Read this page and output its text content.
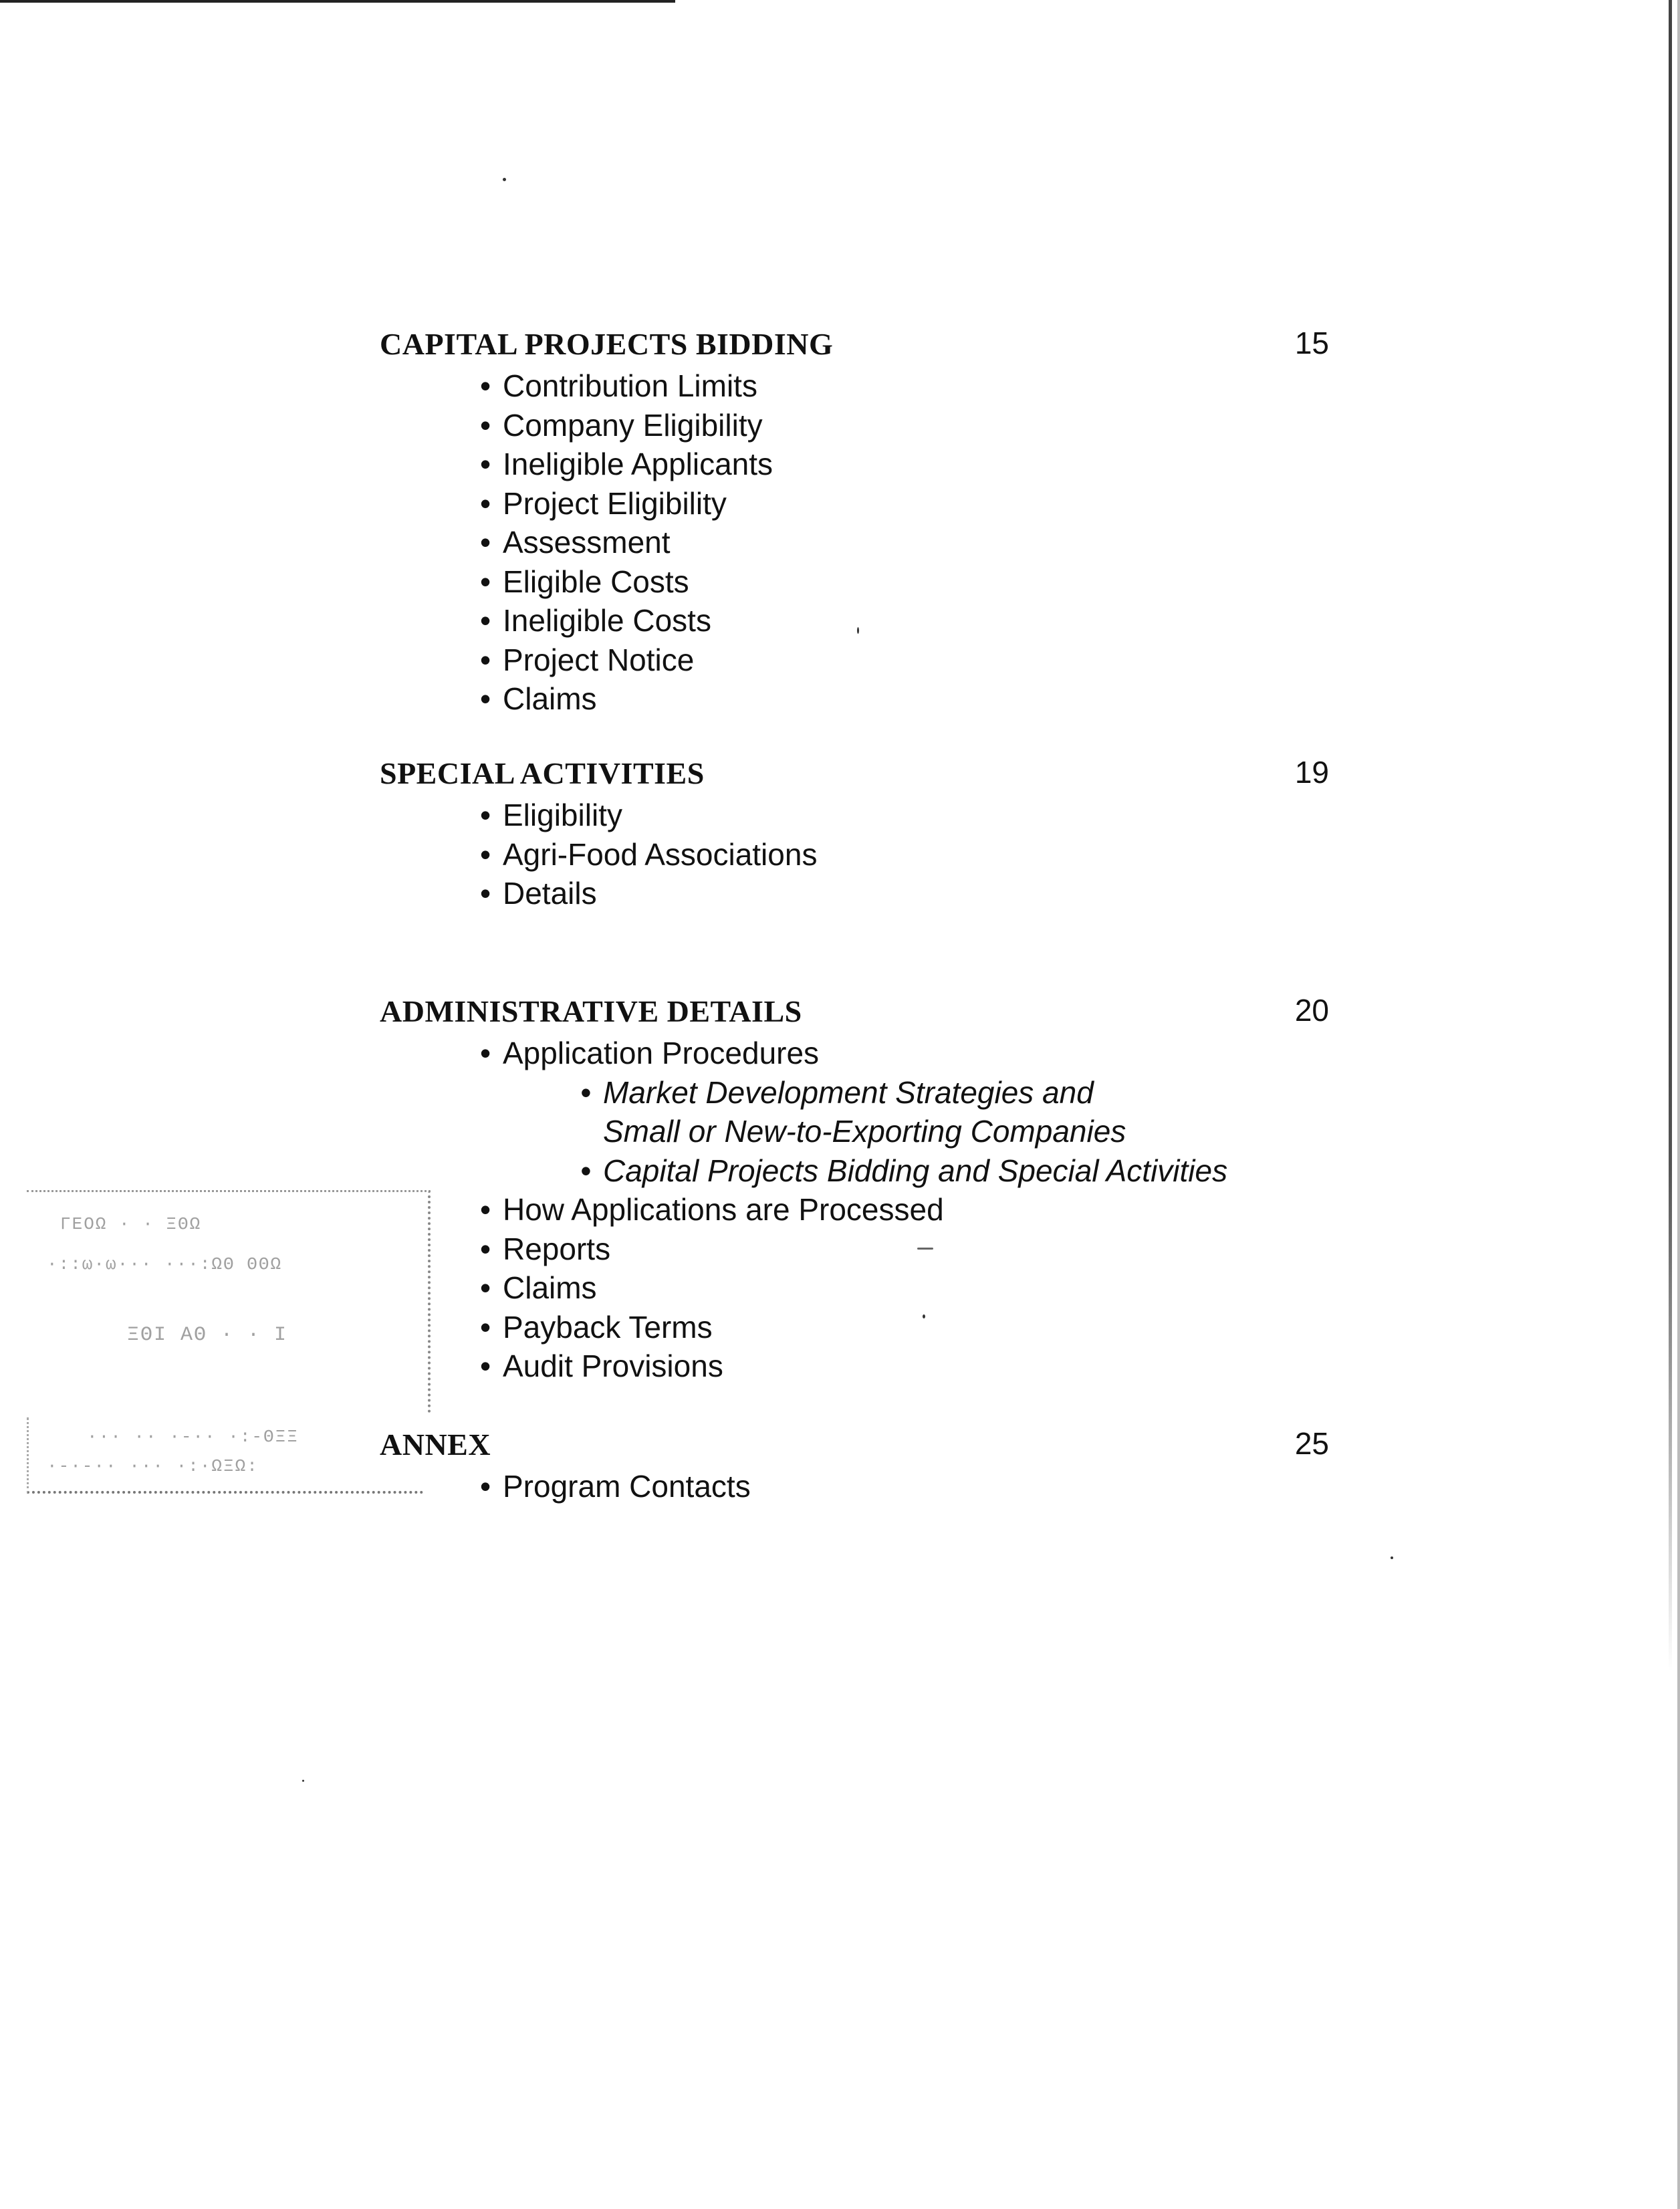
CAPITAL PROJECTS BIDDING	15
• Contribution Limits
• Company Eligibility
• Ineligible Applicants
• Project Eligibility
• Assessment
• Eligible Costs
• Ineligible Costs
• Project Notice
• Claims
SPECIAL ACTIVITIES	19
• Eligibility
• Agri-Food Associations
• Details
ADMINISTRATIVE DETAILS	20
• Application Procedures
• Market Development Strategies and
Small or New-to-Exporting Companies
• Capital Projects Bidding and Special Activities
• How Applications are Processed
• Reports
• Claims
• Payback Terms
• Audit Provisions
ANNEX	25
• Program Contacts
ΓEOΩ · · ΞΘΩ
·::ω·ω··· ···:ΩΘ ΘΘΩ
ΞΘΙ ΑΘ · · Ι
··· ·· ·-·· ·:-ΘΞΞ
·-·-·· ··· ·:·ΩΞΩ:
